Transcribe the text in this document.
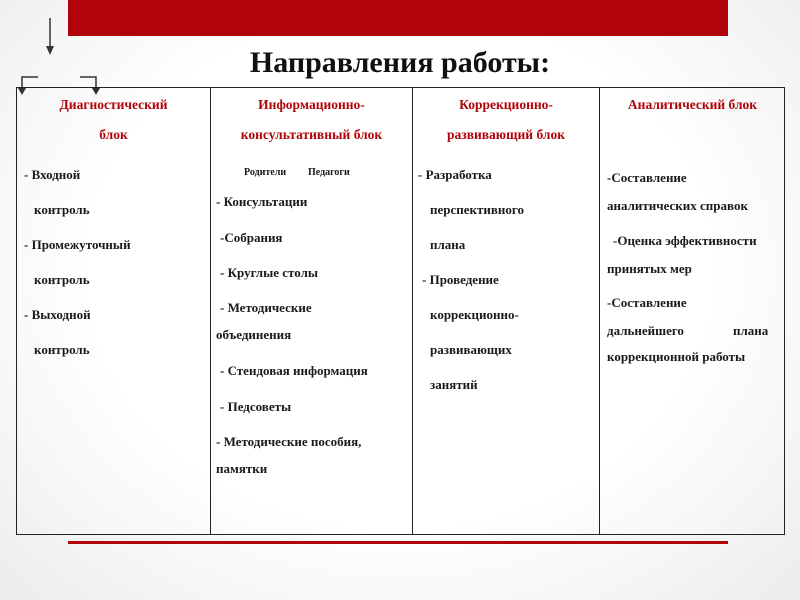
Направления работы:
Диагностический
блок
- Входной
контроль
- Промежуточный
контроль
- Выходной
контроль
Информационно-
консультативный блок
Родители Педагоги
- Консультации
-Собрания
- Круглые столы
- Методические
объединения
- Стендовая информация
- Педсоветы
- Методические пособия,
памятки
Коррекционно-
развивающий блок
- Разработка
перспективного
плана
- Проведение
коррекционно-
развивающих
занятий
Аналитический блок
-Составление
аналитических справок
-Оценка эффективности
принятых мер
-Составление
дальнейшего	плана
коррекционной работы
